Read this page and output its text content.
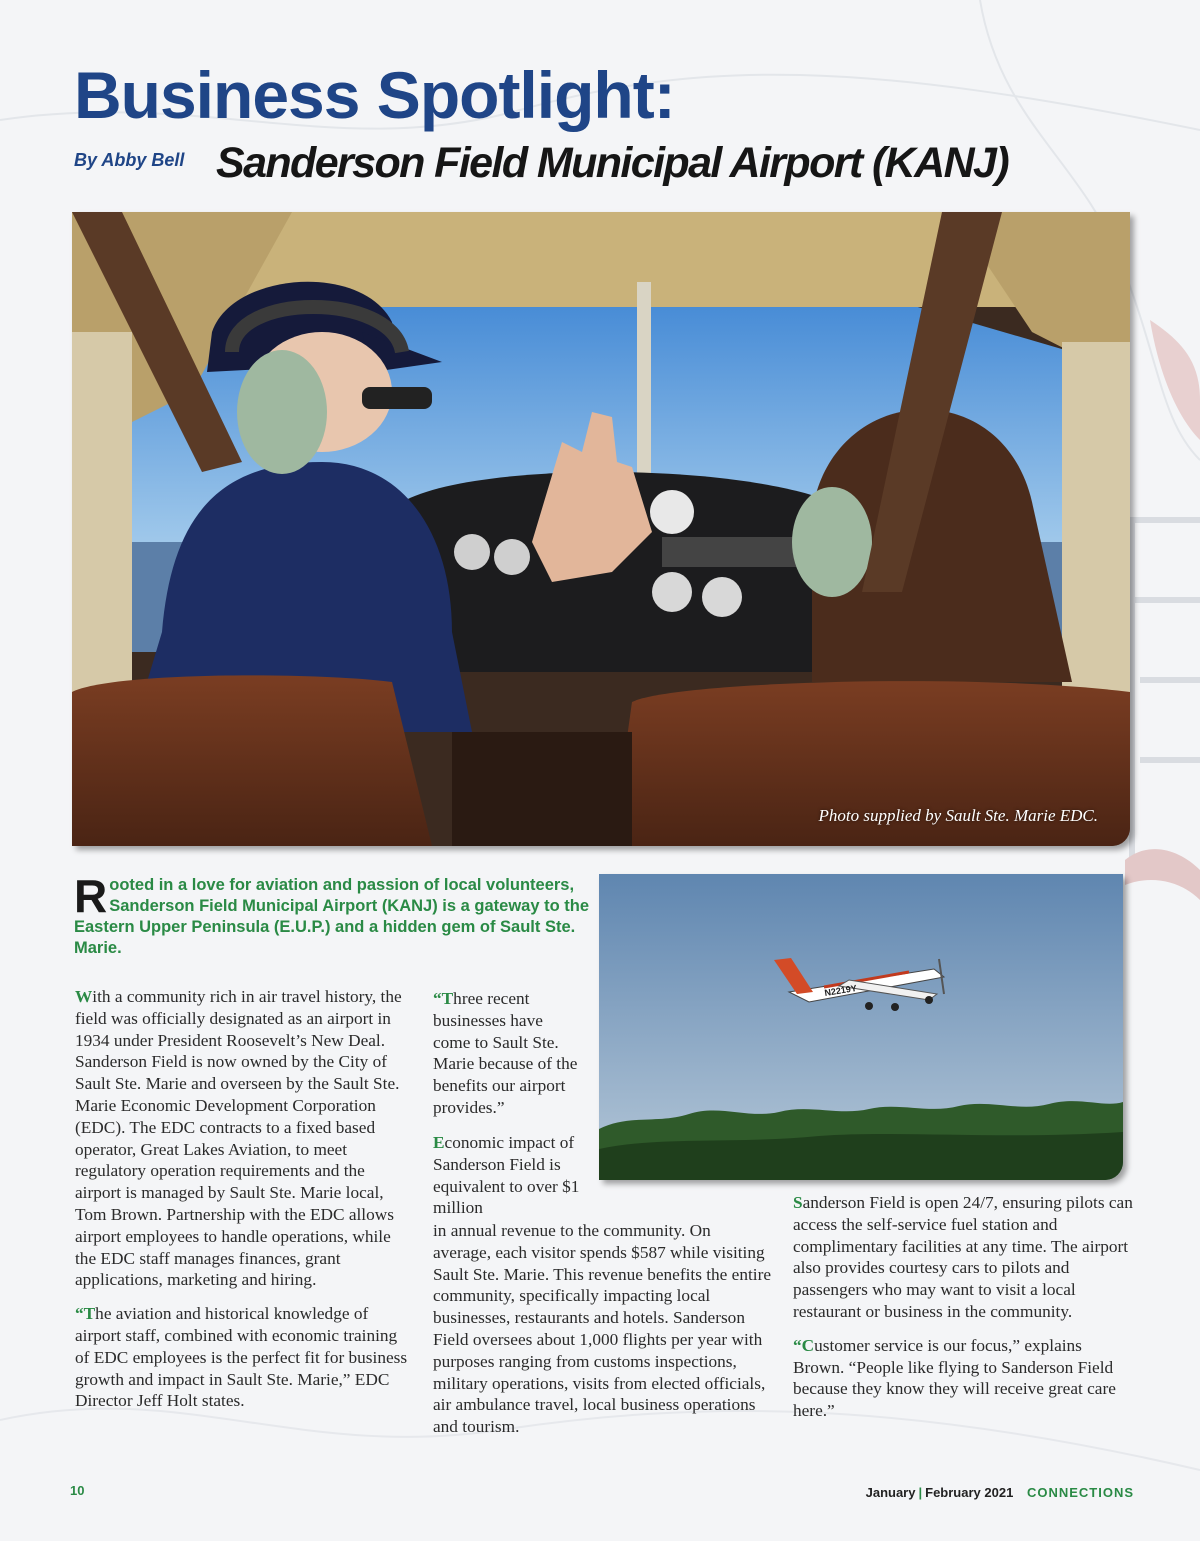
Business Spotlight:
By Abby Bell Sanderson Field Municipal Airport (KANJ)
Photo supplied by Sault Ste. Marie EDC.
R ooted in a love for aviation and passion of local volunteers, Sanderson Field Municipal Airport (KANJ) is a gateway to the Eastern Upper Peninsula (E.U.P.) and a hidden gem of Sault Ste. Marie.
N2219Y

With a community rich in air travel history, the field was officially designated as an airport in 1934 under President Roosevelt’s New Deal. Sanderson Field is now owned by the City of Sault Ste. Marie and overseen by the Sault Ste. Marie Economic Development Corporation (EDC). The EDC contracts to a fixed based operator, Great Lakes Aviation, to meet regulatory operation requirements and the airport is managed by Sault Ste. Marie local, Tom Brown. Partnership with the EDC allows airport employees to handle operations, while the EDC staff manages finances, grant applications, marketing and hiring.

“The aviation and historical knowledge of airport staff, combined with economic training of EDC employees is the perfect fit for business growth and impact in Sault Ste. Marie,” EDC Director Jeff Holt states.

“Three recent businesses have come to Sault Ste. Marie because of the benefits our airport provides.”
Economic impact of Sanderson Field is equivalent to over $1 million
in annual revenue to the community. On average, each visitor spends $587 while visiting Sault Ste. Marie. This revenue benefits the entire community, specifically impacting local businesses, restaurants and hotels. Sanderson Field oversees about 1,000 flights per year with purposes ranging from customs inspections, military operations, visits from elected officials, air ambulance travel, local business operations and tourism.

Sanderson Field is open 24/7, ensuring pilots can access the self-service fuel station and complimentary facilities at any time. The airport also provides courtesy cars to pilots and passengers who may want to visit a local restaurant or business in the community.

“Customer service is our focus,” explains Brown. “People like flying to Sanderson Field because they know they will receive great care here.”

10	January | February 2021 CONNECTIONS
